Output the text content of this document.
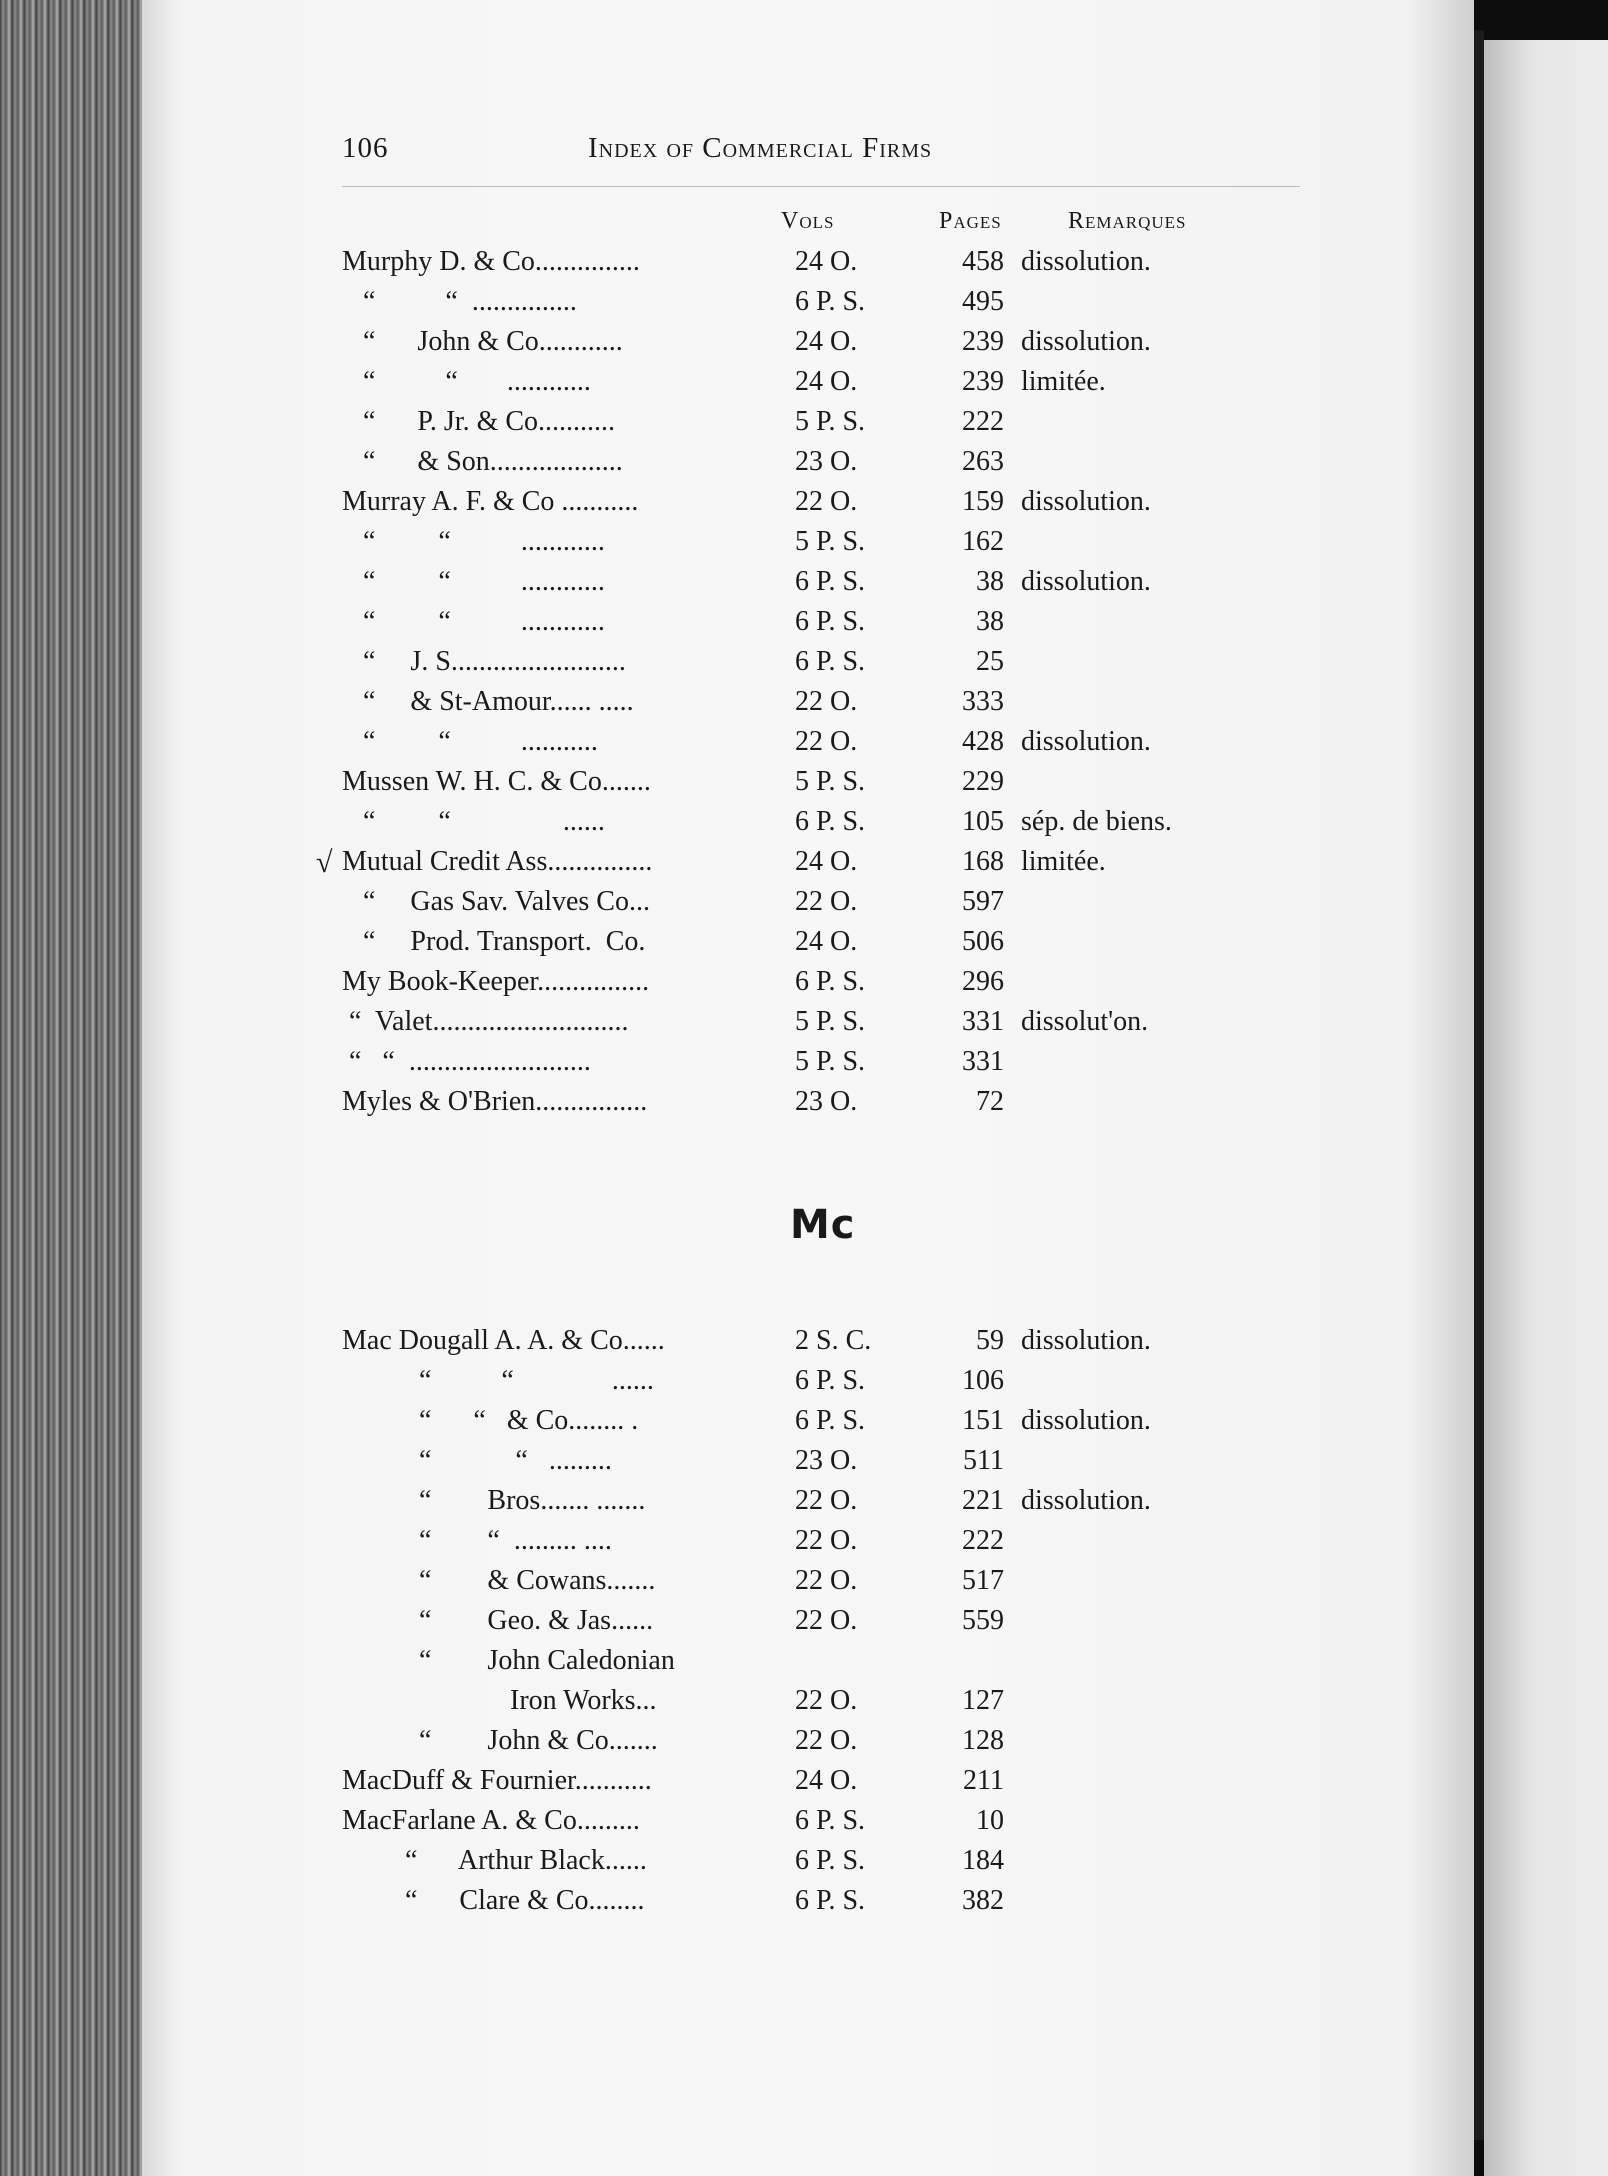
106	Index of Commercial Firms
Vols	Pages	Remarques
√
Murphy D. & Co...............	24 O.	458 dissolution.
“          “  ...............	6 P. S.	495
“      John & Co............	24 O.	239 dissolution.
“          “       ............	24 O.	239 limitée.
“      P. Jr. & Co...........	5 P. S.	222
“      & Son...................	23 O.	263
Murray A. F. & Co ...........	22 O.	159 dissolution.
“         “          ............	5 P. S.	162
“         “          ............	6 P. S.	38 dissolution.
“         “          ............	6 P. S.	38
“     J. S.........................	6 P. S.	25
“     & St-Amour...... .....	22 O.	333
“         “          ...........	22 O.	428 dissolution.
Mussen W. H. C. & Co.......	5 P. S.	229
“         “                ......	6 P. S.	105 sép. de biens.
Mutual Credit Ass...............	24 O.	168 limitée.
“     Gas Sav. Valves Co...	22 O.	597
“     Prod. Transport.  Co.	24 O.	506
My Book-Keeper................	6 P. S.	296
“  Valet............................	5 P. S.	331 dissolut'on.
“   “  ..........................	5 P. S.	331
Myles & O'Brien................	23 O.	72
Mc
Mac Dougall A. A. & Co......	2 S. C.	59 dissolution.
“          “              ......	6 P. S.	106
“      “   & Co........ .	6 P. S.	151 dissolution.
“            “   .........	23 O.	511
“        Bros....... .......	22 O.	221 dissolution.
“        “  ......... ....	22 O.	222
“        & Cowans.......	22 O.	517
“        Geo. & Jas......	22 O.	559
“        John Caledonian
Iron Works...	22 O.	127
“        John & Co.......	22 O.	128
MacDuff & Fournier...........	24 O.	211
MacFarlane A. & Co.........	6 P. S.	10
“      Arthur Black......	6 P. S.	184
“      Clare & Co........	6 P. S.	382
